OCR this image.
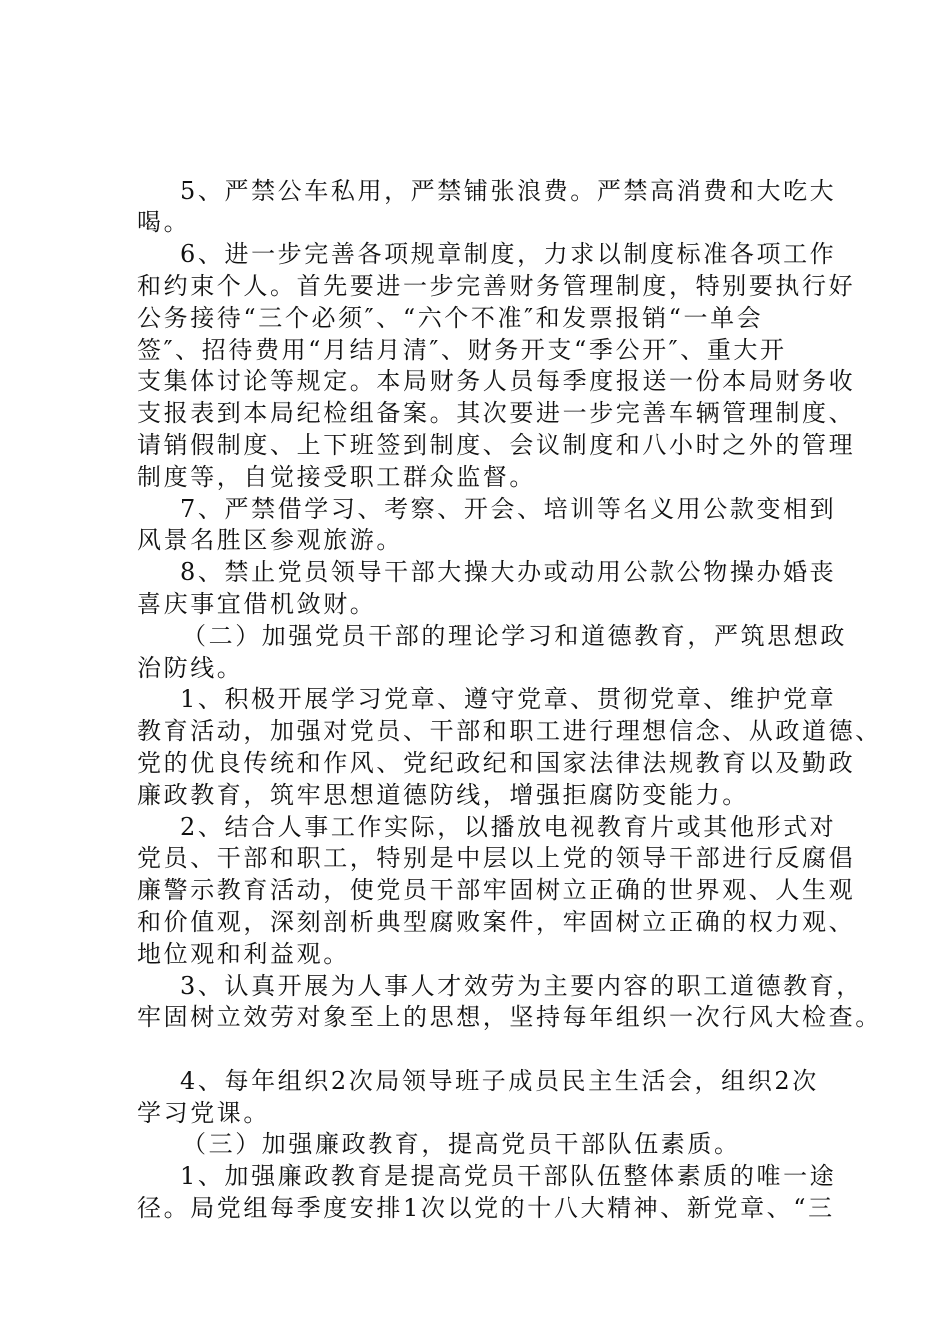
5、严禁公车私用，严禁铺张浪费。严禁高消费和大吃大
喝。
6、进一步完善各项规章制度，力求以制度标准各项工作
和约束个人。首先要进一步完善财务管理制度，特别要执行好
公务接待“三个必须″、“六个不准″和发票报销“一单会
签″、招待费用“月结月清″、财务开支“季公开″、重大开
支集体讨论等规定。本局财务人员每季度报送一份本局财务收
支报表到本局纪检组备案。其次要进一步完善车辆管理制度、
请销假制度、上下班签到制度、会议制度和八小时之外的管理
制度等，自觉接受职工群众监督。
7、严禁借学习、考察、开会、培训等名义用公款变相到
风景名胜区参观旅游。
8、禁止党员领导干部大操大办或动用公款公物操办婚丧
喜庆事宜借机敛财。
（二）加强党员干部的理论学习和道德教育，严筑思想政
治防线。
1、积极开展学习党章、遵守党章、贯彻党章、维护党章
教育活动，加强对党员、干部和职工进行理想信念、从政道德、
党的优良传统和作风、党纪政纪和国家法律法规教育以及勤政
廉政教育，筑牢思想道德防线，增强拒腐防变能力。
2、结合人事工作实际，以播放电视教育片或其他形式对
党员、干部和职工，特别是中层以上党的领导干部进行反腐倡
廉警示教育活动，使党员干部牢固树立正确的世界观、人生观
和价值观，深刻剖析典型腐败案件，牢固树立正确的权力观、
地位观和利益观。
3、认真开展为人事人才效劳为主要内容的职工道德教育，
牢固树立效劳对象至上的思想，坚持每年组织一次行风大检查。
4、每年组织2次局领导班子成员民主生活会，组织2次
学习党课。
（三）加强廉政教育，提高党员干部队伍素质。
1、加强廉政教育是提高党员干部队伍整体素质的唯一途
径。局党组每季度安排1次以党的十八大精神、新党章、“三
